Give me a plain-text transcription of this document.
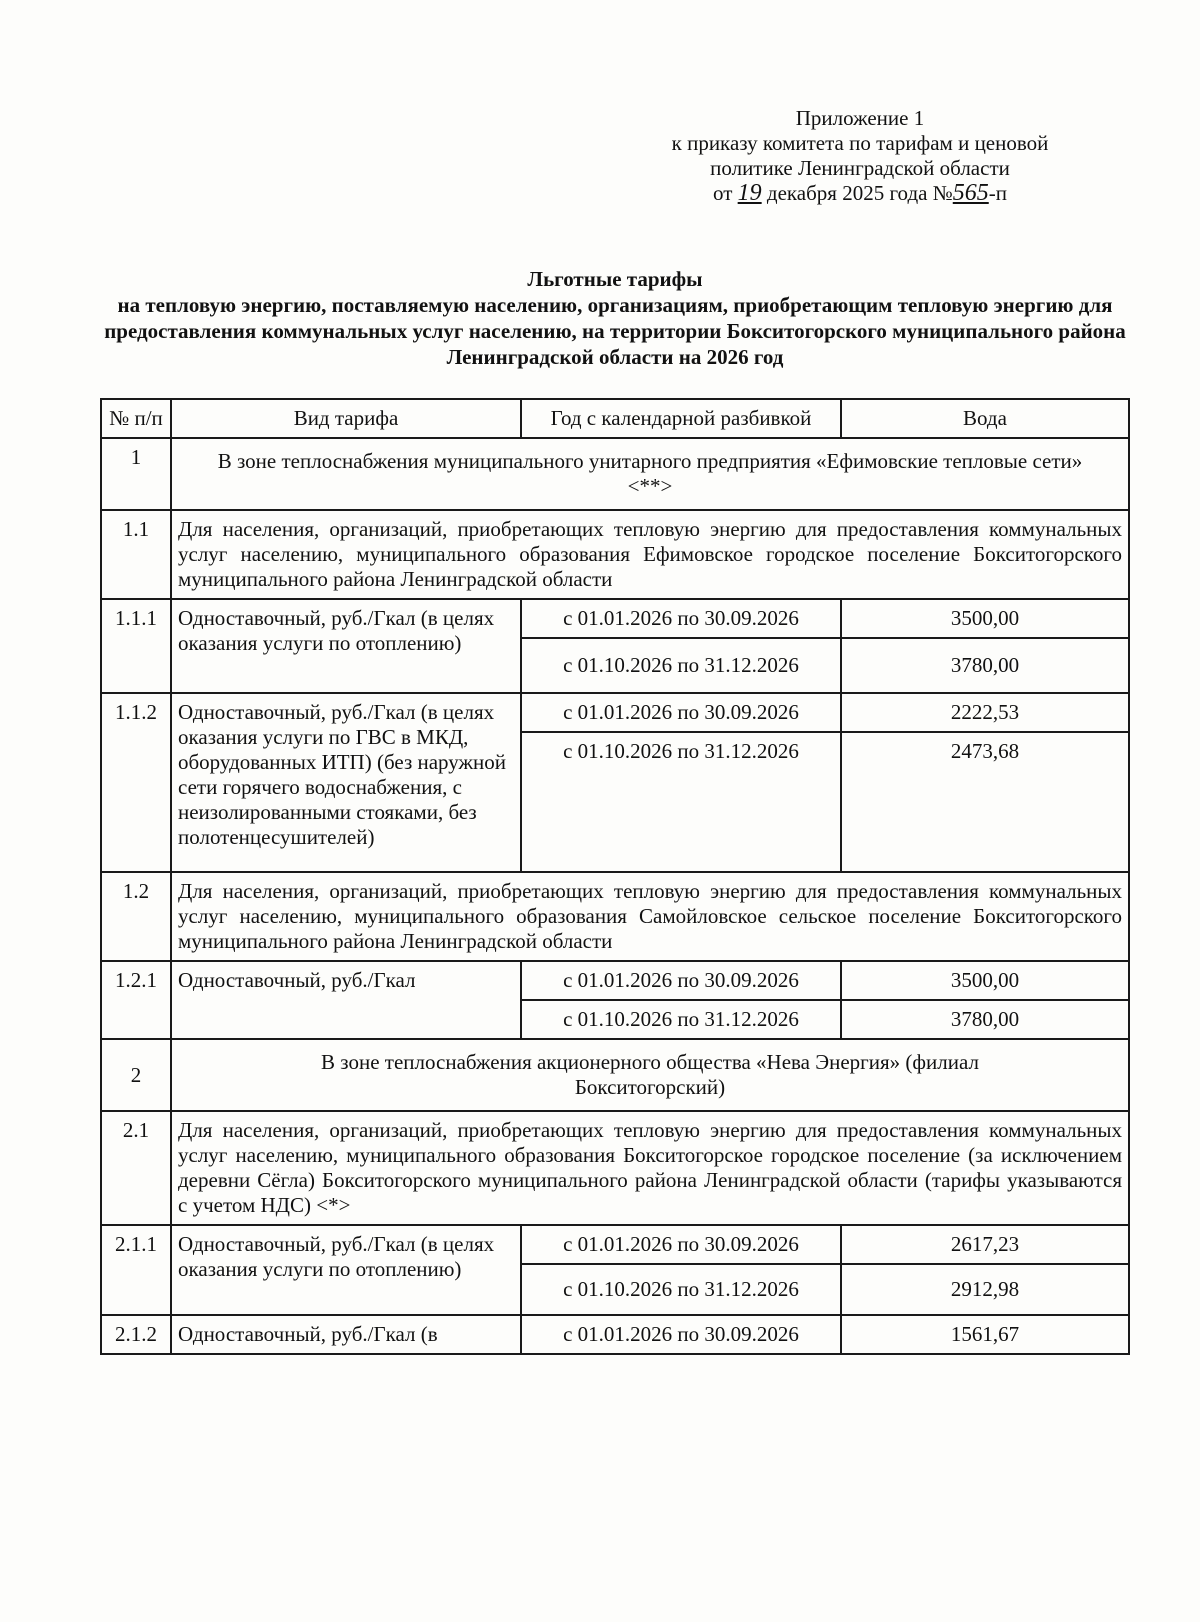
Приложение 1
к приказу комитета по тарифам и ценовой
политике Ленинградской области
от 19 декабря 2025 года №565-п
Льготные тарифы
на тепловую энергию, поставляемую населению, организациям, приобретающим тепловую энергию для предоставления коммунальных услуг населению, на территории Бокситогорского муниципального района Ленинградской области на 2026 год
№ п/п	Вид тарифа	Год с календарной разбивкой	Вода
1	В зоне теплоснабжения муниципального унитарного предприятия «Ефимовские тепловые сети» <**>		
1.1	Для населения, организаций, приобретающих тепловую энергию для предоставления коммунальных услуг населению, муниципального образования Ефимовское городское поселение Бокситогорского муниципального района Ленинградской области		
1.1.1	Одноставочный, руб./Гкал (в целях оказания услуги по отоплению)	с 01.01.2026 по 30.09.2026	3500,00
		с 01.10.2026 по 31.12.2026	3780,00
1.1.2	Одноставочный, руб./Гкал (в целях оказания услуги по ГВС в МКД, оборудованных ИТП) (без наружной сети горячего водоснабжения, с неизолированными стояками, без полотенцесушителей)	с 01.01.2026 по 30.09.2026	2222,53
		с 01.10.2026 по 31.12.2026	2473,68
1.2	Для населения, организаций, приобретающих тепловую энергию для предоставления коммунальных услуг населению, муниципального образования Самойловское сельское поселение Бокситогорского муниципального района Ленинградской области		
1.2.1	Одноставочный, руб./Гкал	с 01.01.2026 по 30.09.2026	3500,00
		с 01.10.2026 по 31.12.2026	3780,00
2	В зоне теплоснабжения акционерного общества «Нева Энергия» (филиал Бокситогорский)		
2.1	Для населения, организаций, приобретающих тепловую энергию для предоставления коммунальных услуг населению, муниципального образования Бокситогорское городское поселение (за исключением деревни Сёгла) Бокситогорского муниципального района Ленинградской области (тарифы указываются с учетом НДС) <*>		
2.1.1	Одноставочный, руб./Гкал (в целях оказания услуги по отоплению)	с 01.01.2026 по 30.09.2026	2617,23
		с 01.10.2026 по 31.12.2026	2912,98
2.1.2	Одноставочный, руб./Гкал (в	с 01.01.2026 по 30.09.2026	1561,67
